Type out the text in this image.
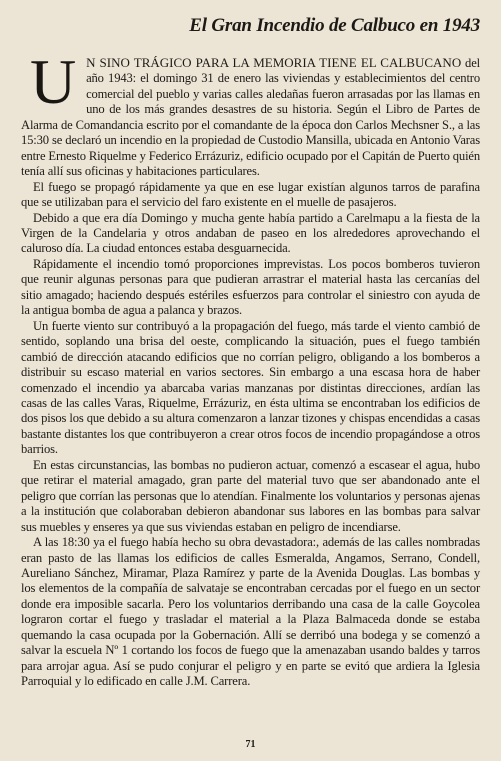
El Gran Incendio de Calbuco en 1943

U N SINO TRÁGICO PARA LA MEMORIA TIENE EL CALBUCANO del año 1943: el domingo 31 de enero las viviendas y establecimientos del centro comercial del pueblo y varias calles aledañas fueron arrasadas por las llamas en uno de los más grandes desastres de su historia. Según el Libro de Partes de Alarma de Comandancia escrito por el comandante de la época don Carlos Mechsner S., a las 15:30 se declaró un incendio en la propiedad de Custodio Mansilla, ubicada en Antonio Varas entre Ernesto Riquelme y Federico Errázuriz, edificio ocupado por el Capitán de Puerto quién tenía allí sus oficinas y habitaciones particulares.

El fuego se propagó rápidamente ya que en ese lugar existían algunos tarros de parafina que se utilizaban para el servicio del faro existente en el muelle de pasajeros.

Debido a que era día Domingo y mucha gente había partido a Carelmapu a la fiesta de la Virgen de la Candelaria y otros andaban de paseo en los alrededores aprovechando el caluroso día. La ciudad entonces estaba desguarnecida.

Rápidamente el incendio tomó proporciones imprevistas. Los pocos bomberos tuvieron que reunir algunas personas para que pudieran arrastrar el material hasta las cercanías del sitio amagado; haciendo después estériles esfuerzos para controlar el siniestro con ayuda de la antigua bomba de agua a palanca y brazos.

Un fuerte viento sur contribuyó a la propagación del fuego, más tarde el viento cambió de sentido, soplando una brisa del oeste, complicando la situación, pues el fuego también cambió de dirección atacando edificios que no corrían peligro, obligando a los bomberos a distribuir su escaso material en varios sectores. Sin embargo a una escasa hora de haber comenzado el incendio ya abarcaba varias manzanas por distintas direcciones, ardían las casas de las calles Varas, Riquelme, Errázuriz, en ésta ultima se encontraban los edificios de dos pisos los que debido a su altura comenzaron a lanzar tizones y chispas encendidas a casas bastante distantes los que contribuyeron a crear otros focos de incendio propagándose a otros barrios.

En estas circunstancias, las bombas no pudieron actuar, comenzó a escasear el agua, hubo que retirar el material amagado, gran parte del material tuvo que ser abandonado ante el peligro que corrían las personas que lo atendían. Finalmente los voluntarios y personas ajenas a la institución que colaboraban debieron abandonar sus labores en las bombas para salvar sus muebles y enseres ya que sus viviendas estaban en peligro de incendiarse.

A las 18:30 ya el fuego había hecho su obra devastadora:, además de las calles nombradas eran pasto de las llamas los edificios de calles Esmeralda, Angamos, Serrano, Condell, Aureliano Sánchez, Miramar, Plaza Ramírez y parte de la Avenida Douglas. Las bombas y los elementos de la compañía de salvataje se encontraban cercadas por el fuego en un sector donde era imposible sacarla. Pero los voluntarios derribando una casa de la calle Goycolea lograron cortar el fuego y trasladar el material a la Plaza Balmaceda donde se estaba quemando la casa ocupada por la Gobernación. Allí se derribó una bodega y se comenzó a salvar la escuela Nº 1 cortando los focos de fuego que la amenazaban usando baldes y tarros para arrojar agua. Así se pudo conjurar el peligro y en parte se evitó que ardiera la Iglesia Parroquial y lo edificado en calle J.M. Carrera.

71
